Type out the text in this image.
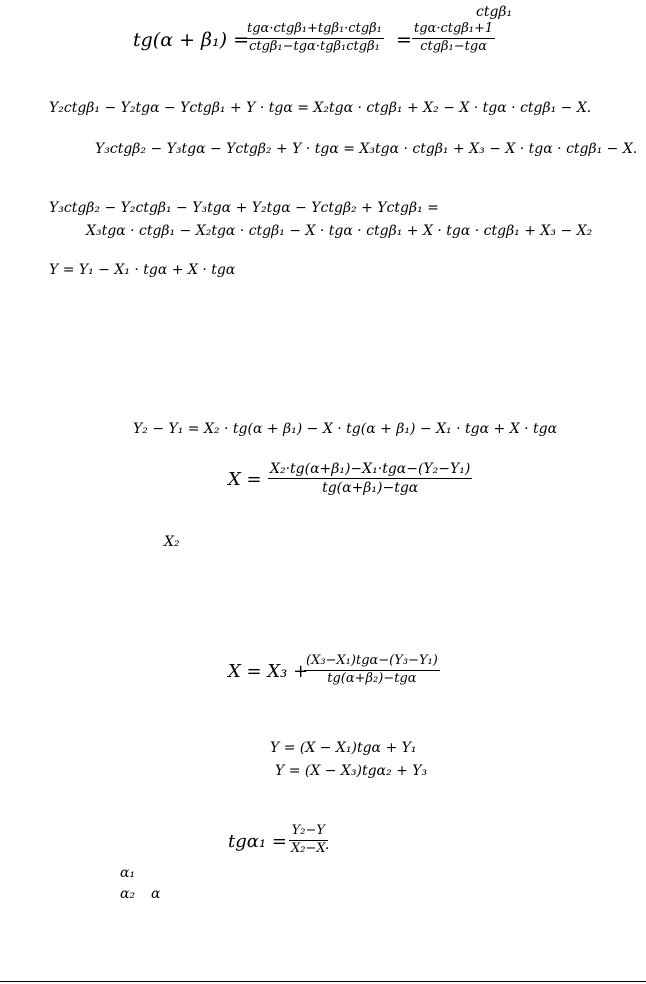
ctgβ₁
tg(α + β₁) =
tgα·ctgβ₁+tgβ₁·ctgβ₁
ctgβ₁−tgα·tgβ₁ctgβ₁ =
tgα·ctgβ₁+1
ctgβ₁−tgα
Y₂ctgβ₁ − Y₂tgα − Yctgβ₁ + Y · tgα = X₂tgα · ctgβ₁ + X₂ − X · tgα · ctgβ₁ − X.
Y₃ctgβ₂ − Y₃tgα − Yctgβ₂ + Y · tgα = X₃tgα · ctgβ₁ + X₃ − X · tgα · ctgβ₁ − X.
Y₃ctgβ₂ − Y₂ctgβ₁ − Y₃tgα + Y₂tgα − Yctgβ₂ + Yctgβ₁ =
X₃tgα · ctgβ₁ − X₂tgα · ctgβ₁ − X · tgα · ctgβ₁ + X · tgα · ctgβ₁ + X₃ − X₂
Y = Y₁ − X₁ · tgα + X · tgα
Y₂ − Y₁ = X₂ · tg(α + β₁) − X · tg(α + β₁) − X₁ · tgα + X · tgα
X = X₂·tg(α+β₁)−X₁·tgα−(Y₂−Y₁)
tg(α+β₁)−tgα
X₂
X = X₃ +
(X₃−X₁)tgα−(Y₃−Y₁)
tg(α+β₂)−tgα
Y = (X − X₁)tgα + Y₁
Y = (X − X₃)tgα₂ + Y₃
$tg\alpha_1 = \frac{\text{Y₂−Y}}{\text{X₂−X}}$
.
α₁
α₂ α
